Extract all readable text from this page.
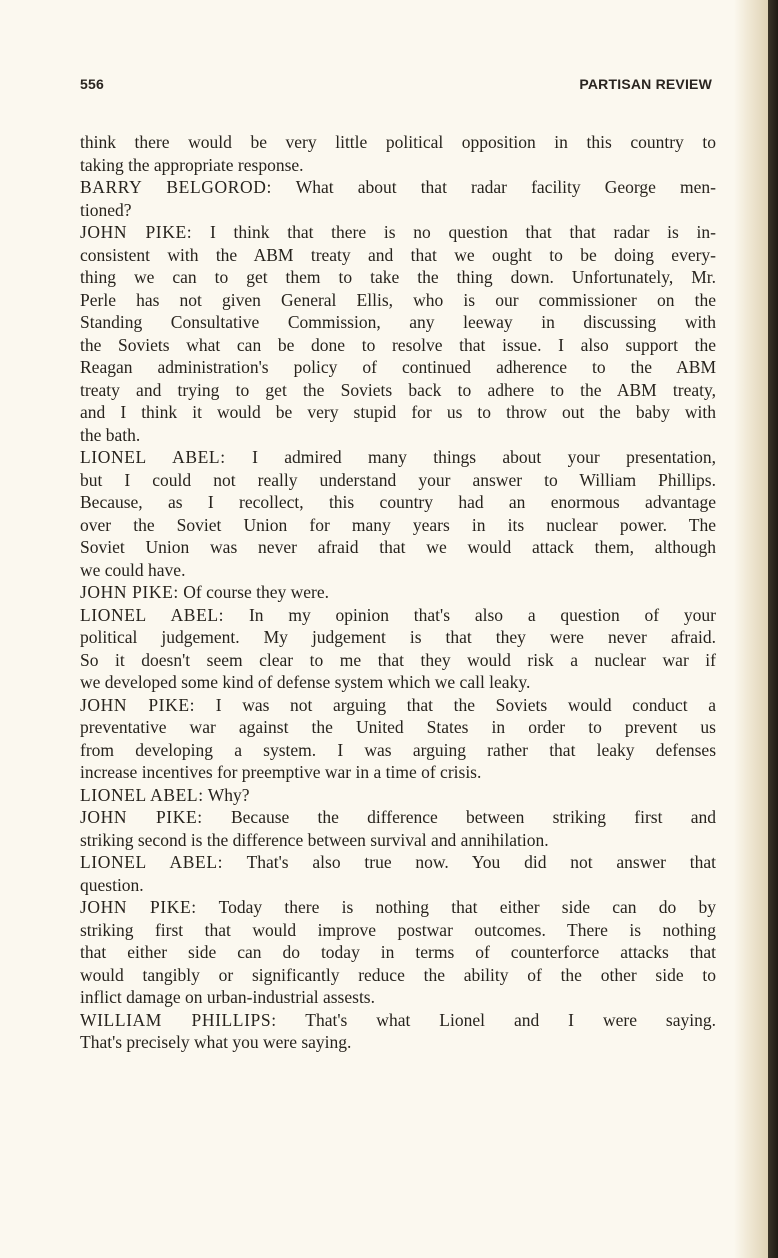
556	PARTISAN REVIEW
think there would be very little political opposition in this country to
taking the appropriate response.
BARRY BELGOROD: What about that radar facility George men-
tioned?
JOHN PIKE: I think that there is no question that that radar is in-
consistent with the ABM treaty and that we ought to be doing every-
thing we can to get them to take the thing down. Unfortunately, Mr.
Perle has not given General Ellis, who is our commissioner on the
Standing Consultative Commission, any leeway in discussing with
the Soviets what can be done to resolve that issue. I also support the
Reagan administration's policy of continued adherence to the ABM
treaty and trying to get the Soviets back to adhere to the ABM treaty,
and I think it would be very stupid for us to throw out the baby with
the bath.
LIONEL ABEL: I admired many things about your presentation,
but I could not really understand your answer to William Phillips.
Because, as I recollect, this country had an enormous advantage
over the Soviet Union for many years in its nuclear power. The
Soviet Union was never afraid that we would attack them, although
we could have.
JOHN PIKE: Of course they were.
LIONEL ABEL: In my opinion that's also a question of your
political judgement. My judgement is that they were never afraid.
So it doesn't seem clear to me that they would risk a nuclear war if
we developed some kind of defense system which we call leaky.
JOHN PIKE: I was not arguing that the Soviets would conduct a
preventative war against the United States in order to prevent us
from developing a system. I was arguing rather that leaky defenses
increase incentives for preemptive war in a time of crisis.
LIONEL ABEL: Why?
JOHN PIKE: Because the difference between striking first and
striking second is the difference between survival and annihilation.
LIONEL ABEL: That's also true now. You did not answer that
question.
JOHN PIKE: Today there is nothing that either side can do by
striking first that would improve postwar outcomes. There is nothing
that either side can do today in terms of counterforce attacks that
would tangibly or significantly reduce the ability of the other side to
inflict damage on urban-industrial assests.
WILLIAM PHILLIPS: That's what Lionel and I were saying.
That's precisely what you were saying.
